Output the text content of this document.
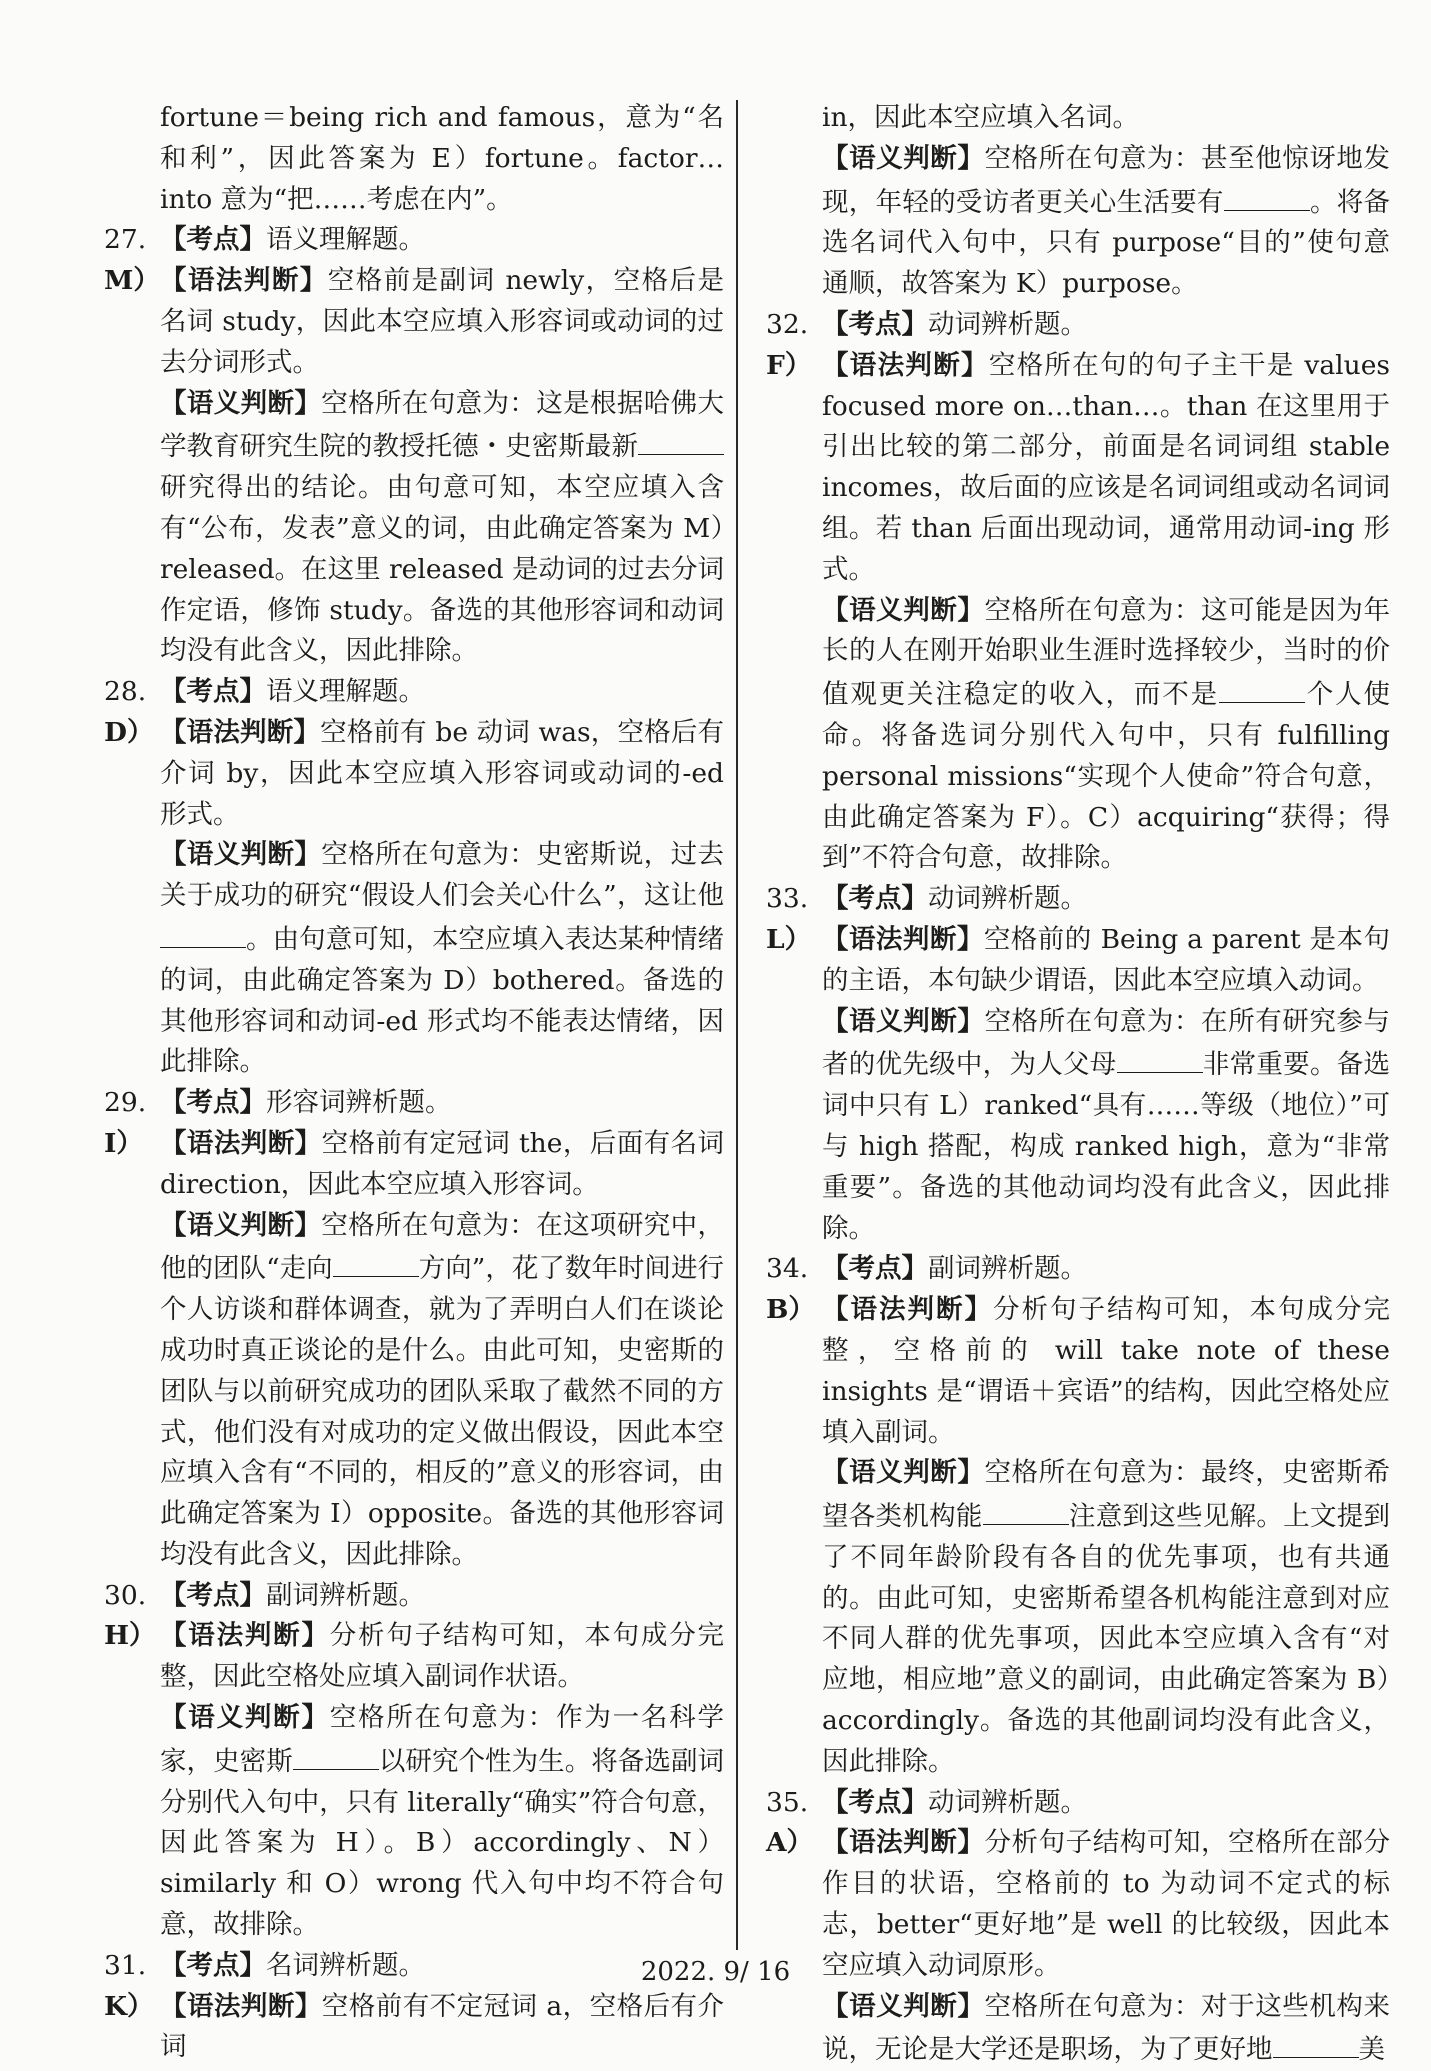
fortune＝being rich and famous，意为“名和利”，因此答案为 E）fortune。factor… into 意为“把……考虑在内”。
27. 【考点】语义理解题。
M） 【语法判断】空格前是副词 newly，空格后是名词 study，因此本空应填入形容词或动词的过去分词形式。
【语义判断】空格所在句意为：这是根据哈佛大学教育研究生院的教授托德・史密斯最新研究得出的结论。由句意可知，本空应填入含有“公布，发表”意义的词，由此确定答案为 M）released。在这里 released 是动词的过去分词作定语，修饰 study。备选的其他形容词和动词均没有此含义，因此排除。
28. 【考点】语义理解题。
D） 【语法判断】空格前有 be 动词 was，空格后有介词 by，因此本空应填入形容词或动词的-ed 形式。
【语义判断】空格所在句意为：史密斯说，过去关于成功的研究“假设人们会关心什么”，这让他。由句意可知，本空应填入表达某种情绪的词，由此确定答案为 D）bothered。备选的其他形容词和动词-ed 形式均不能表达情绪，因此排除。
29. 【考点】形容词辨析题。
I） 【语法判断】空格前有定冠词 the，后面有名词 direction，因此本空应填入形容词。
【语义判断】空格所在句意为：在这项研究中，他的团队“走向	方向”，花了数年时间进行个人访谈和群体调查，就为了弄明白人们在谈论成功时真正谈论的是什么。由此可知，史密斯的团队与以前研究成功的团队采取了截然不同的方式，他们没有对成功的定义做出假设，因此本空应填入含有“不同的，相反的”意义的形容词，由此确定答案为 I）opposite。备选的其他形容词均没有此含义，因此排除。
30. 【考点】副词辨析题。
H） 【语法判断】分析句子结构可知，本句成分完整，因此空格处应填入副词作状语。
【语义判断】空格所在句意为：作为一名科学家，史密斯	以研究个性为生。将备选副词分别代入句中，只有 literally“确实”符合句意，因此答案为 H）。B）accordingly、N）similarly 和 O）wrong 代入句中均不符合句意，故排除。
31. 【考点】名词辨析题。
K） 【语法判断】空格前有不定冠词 a，空格后有介词
in，因此本空应填入名词。
【语义判断】空格所在句意为：甚至他惊讶地发现，年轻的受访者更关心生活要有	。将备选名词代入句中，只有 purpose“目的”使句意通顺，故答案为 K）purpose。
32. 【考点】动词辨析题。
F） 【语法判断】空格所在句的句子主干是 values focused more on…than…。than 在这里用于引出比较的第二部分，前面是名词词组 stable incomes，故后面的应该是名词词组或动名词词组。若 than 后面出现动词，通常用动词-ing 形式。
【语义判断】空格所在句意为：这可能是因为年长的人在刚开始职业生涯时选择较少，当时的价值观更关注稳定的收入，而不是	个人使命。将备选词分别代入句中，只有 fulfilling personal missions“实现个人使命”符合句意，由此确定答案为 F）。C）acquiring“获得；得到”不符合句意，故排除。
33. 【考点】动词辨析题。
L） 【语法判断】空格前的 Being a parent 是本句的主语，本句缺少谓语，因此本空应填入动词。
【语义判断】空格所在句意为：在所有研究参与者的优先级中，为人父母	非常重要。备选词中只有 L）ranked“具有……等级（地位）”可与 high 搭配，构成 ranked high，意为“非常重要”。备选的其他动词均没有此含义，因此排除。
34. 【考点】副词辨析题。
B） 【语法判断】分析句子结构可知，本句成分完整，空格前的 will take note of these insights 是“谓语＋宾语”的结构，因此空格处应填入副词。
【语义判断】空格所在句意为：最终，史密斯希望各类机构能	注意到这些见解。上文提到了不同年龄阶段有各自的优先事项，也有共通的。由此可知，史密斯希望各机构能注意到对应不同人群的优先事项，因此本空应填入含有“对应地，相应地”意义的副词，由此确定答案为 B）accordingly。备选的其他副词均没有此含义，因此排除。
35. 【考点】动词辨析题。
A） 【语法判断】分析句子结构可知，空格所在部分作目的状语，空格前的 to 为动词不定式的标志，better“更好地”是 well 的比较级，因此本空应填入动词原形。
【语义判断】空格所在句意为：对于这些机构来说，无论是大学还是职场，为了更好地	美
2022. 9/ 16
